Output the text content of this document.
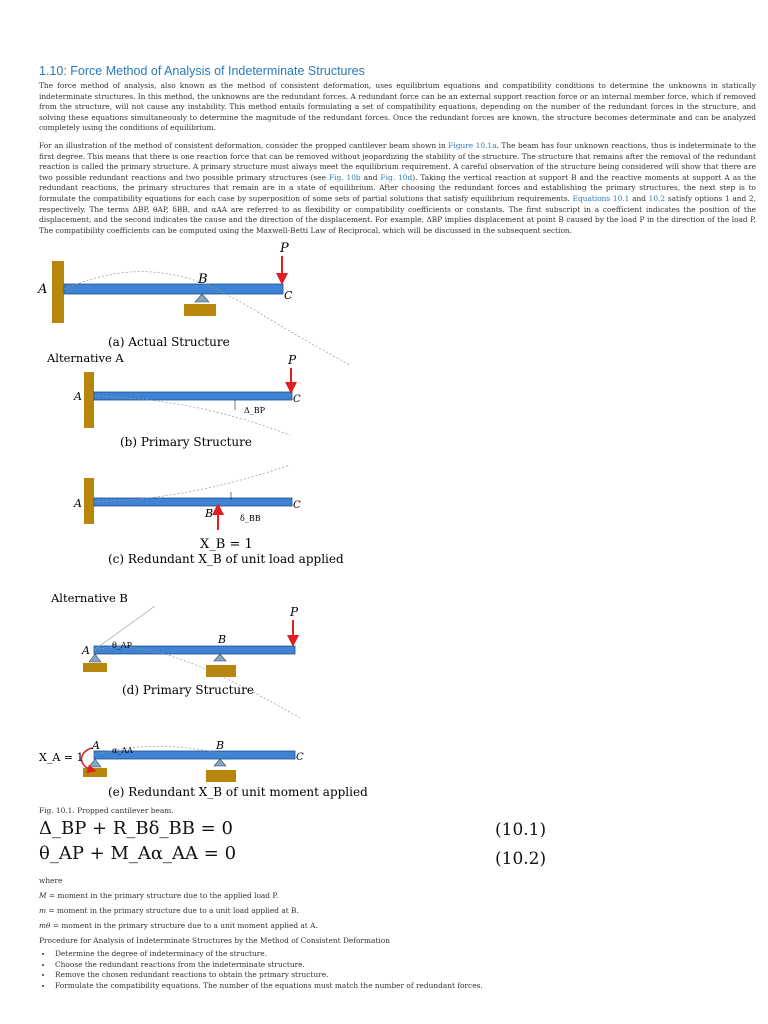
1.10: Force Method of Analysis of Indeterminate Structures

The force method of analysis, also known as the method of consistent deformation, uses equilibrium equations and compatibility conditions to determine the unknowns in statically indeterminate structures. In this method, the unknowns are the redundant forces. A redundant force can be an external support reaction force or an internal member force, which if removed from the structure, will not cause any instability. This method entails formulating a set of compatibility equations, depending on the number of the redundant forces in the structure, and solving these equations simultaneously to determine the magnitude of the redundant forces. Once the redundant forces are known, the structure becomes determinate and can be analyzed completely using the conditions of equilibrium.

For an illustration of the method of consistent deformation, consider the propped cantilever beam shown in Figure 10.1a. The beam has four unknown reactions, thus is indeterminate to the first degree. This means that there is one reaction force that can be removed without jeopardizing the stability of the structure. The structure that remains after the removal of the redundant reaction is called the primary structure. A primary structure must always meet the equilibrium requirement. A careful observation of the structure being considered will show that there are two possible redundant reactions and two possible primary structures (see Fig. 10b and Fig. 10d). Taking the vertical reaction at support B and the reactive moments at support A as the redundant reactions, the primary structures that remain are in a state of equilibrium. After choosing the redundant forces and establishing the primary structures, the next step is to formulate the compatibility equations for each case by superposition of some sets of partial solutions that satisfy equilibrium requirements. Equations 10.1 and 10.2 satisfy options 1 and 2, respectively. The terms ΔBP, θAP, δBB, and αAA are referred to as flexibility or compatibility coefficients or constants. The first subscript in a coefficient indicates the position of the displacement, and the second indicates the cause and the direction of the displacement. For example, ΔBP implies displacement at point B caused by the load P in the direction of the load P. The compatibility coefficients can be computed using the Maxwell-Betti Law of Reciprocal, which will be discussed in the subsequent section.

P
A
B
C
(a) Actual Structure
Alternative A	P
A	C
Δ_BP
(b) Primary Structure
A
B
C
δ_BB
X_B = 1
(c) Redundant X_B of unit load applied
Alternative B
P
A
B
θ_AP
(d) Primary Structure
X_A = 1
A	B
C
α_AA
(e) Redundant X_B of unit moment applied
Fig. 10.1. Propped cantilever beam.
Δ_BP + R_Bδ_BB = 0	(10.1)
θ_AP + M_Aα_AA = 0	(10.2)
where
M = moment in the primary structure due to the applied load P.
m = moment in the primary structure due to a unit load applied at B.
mθ = moment in the primary structure due to a unit moment applied at A.
Procedure for Analysis of Indeterminate Structures by the Method of Consistent Deformation
• Determine the degree of indeterminacy of the structure.
• Choose the redundant reactions from the indeterminate structure.
• Remove the chosen redundant reactions to obtain the primary structure.
• Formulate the compatibility equations. The number of the equations must match the number of redundant forces.
